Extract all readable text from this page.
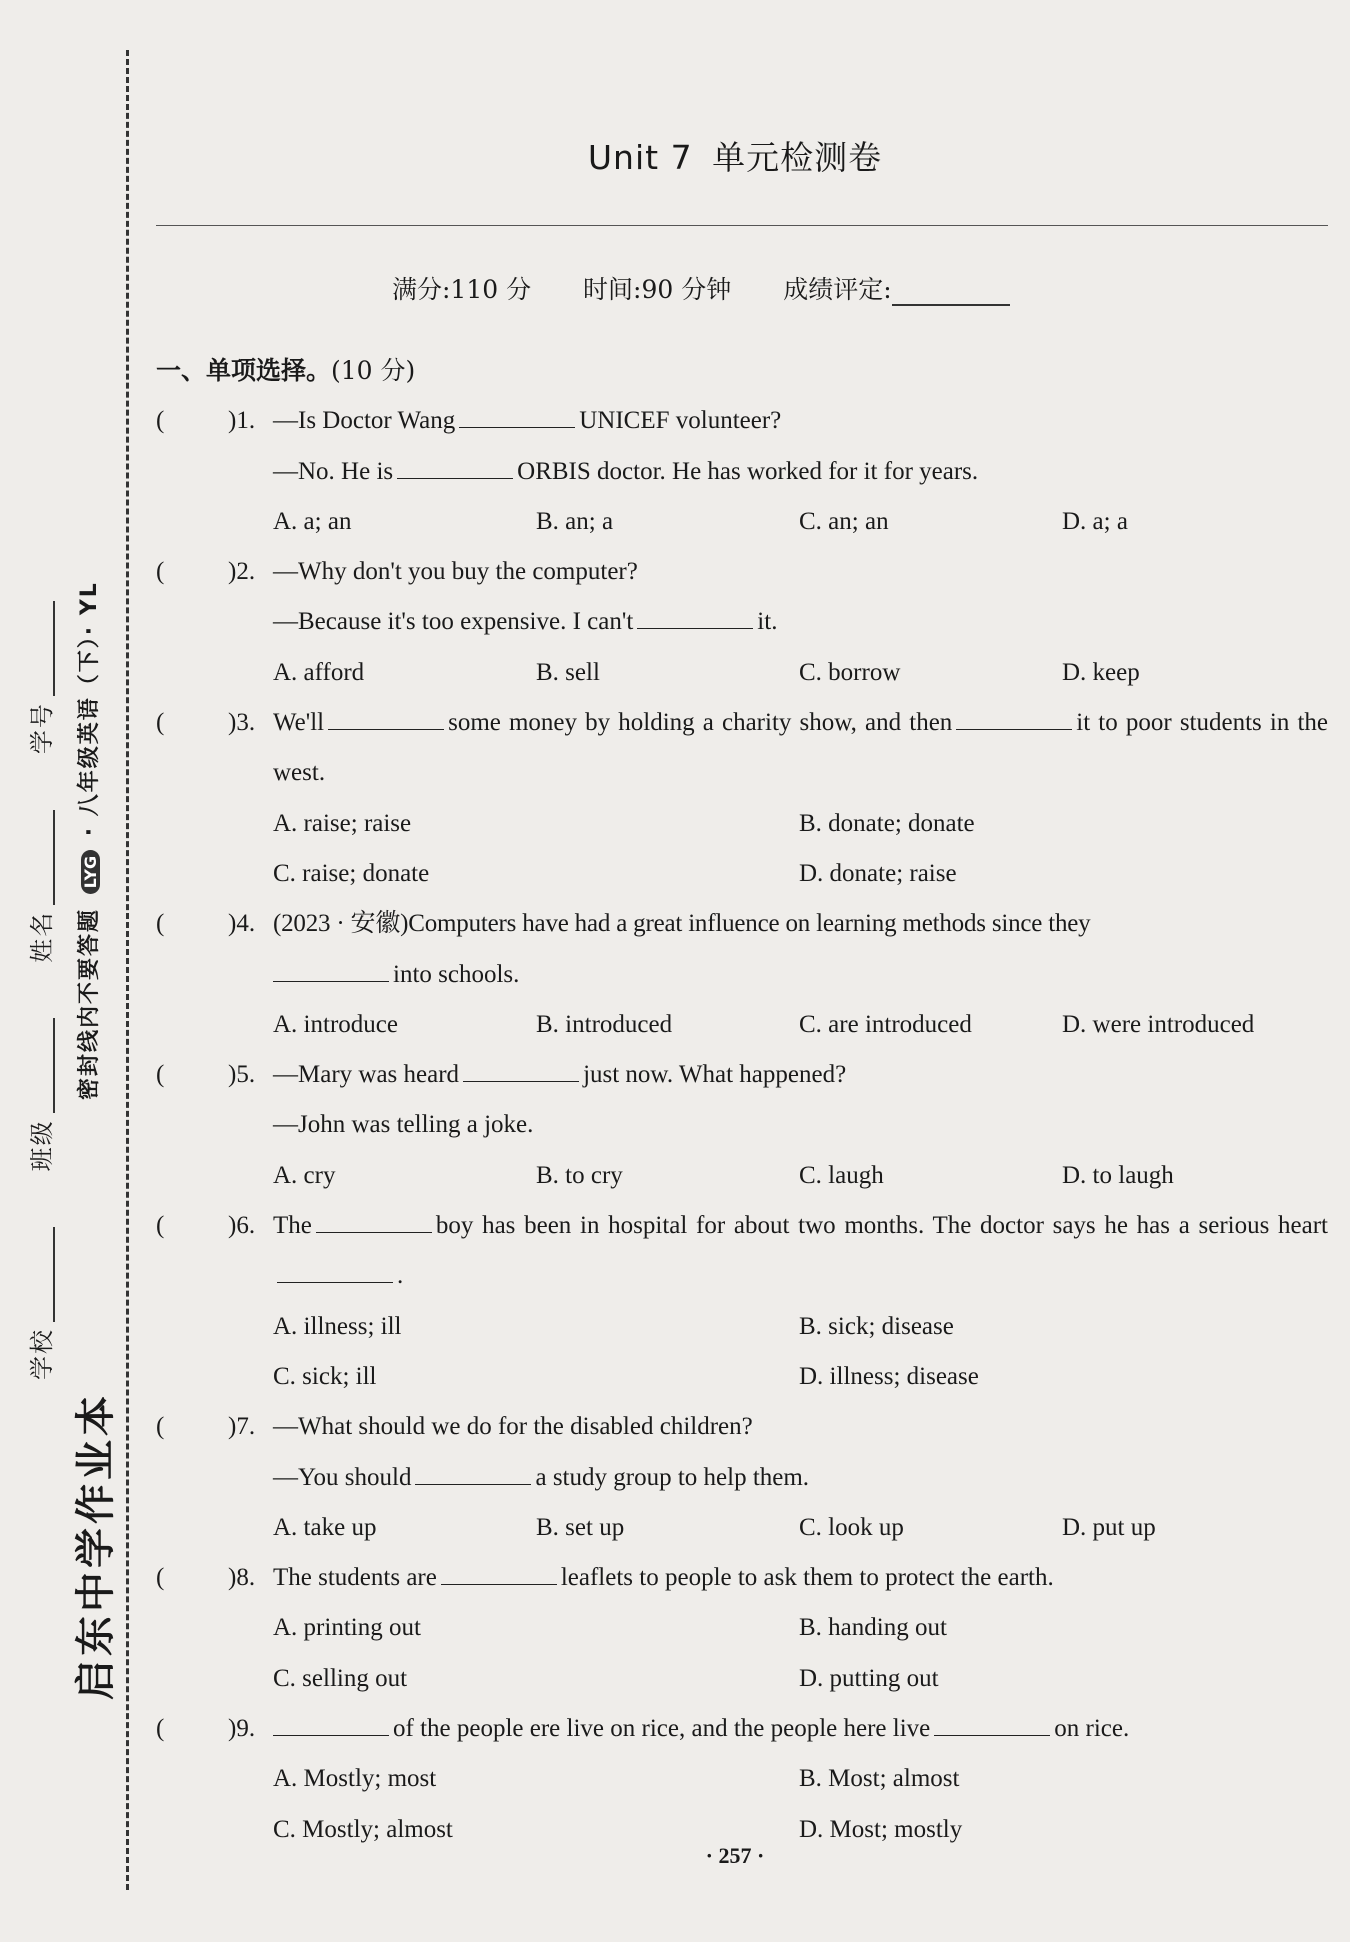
启东中学作业本
学校 班级 姓名 学号
密封线内不要答题 LYG · 八年级英语（下）· YL
Unit 7 单元检测卷
满分:110 分 时间:90 分钟 成绩评定:
一、单项选择。(10 分)
(	)1. —Is Doctor Wang	UNICEF volunteer?
—No. He is	ORBIS doctor. He has worked for it for years.
A. a; an	B. an; a	C. an; an	D. a; a
(	)2. —Why don't you buy the computer?
—Because it's too expensive. I can't	it.
A. afford	B. sell	C. borrow	D. keep
(	)3. We'll	some money by holding a charity show, and then	it to poor students in the west.
A. raise; raise	B. donate; donate
C. raise; donate	D. donate; raise
(	)4. (2023 · 安徽)Computers have had a great influence on learning methods since they
into schools.
A. introduce	B. introduced	C. are introduced	D. were introduced
(	)5. —Mary was heard	just now. What happened?
—John was telling a joke.
A. cry	B. to cry	C. laugh	D. to laugh
(	)6. The	boy has been in hospital for about two months. The doctor says he has a serious heart.
A. illness; ill	B. sick; disease
C. sick; ill	D. illness; disease
(	)7. —What should we do for the disabled children?
—You should	a study group to help them.
A. take up	B. set up	C. look up	D. put up
(	)8. The students are	leaflets to people to ask them to protect the earth.
A. printing out	B. handing out
C. selling out	D. putting out
(	)9.	of the people ere live on rice, and the people here live	on rice.
A. Mostly; most	B. Most; almost
C. Mostly; almost	D. Most; mostly
· 257 ·
